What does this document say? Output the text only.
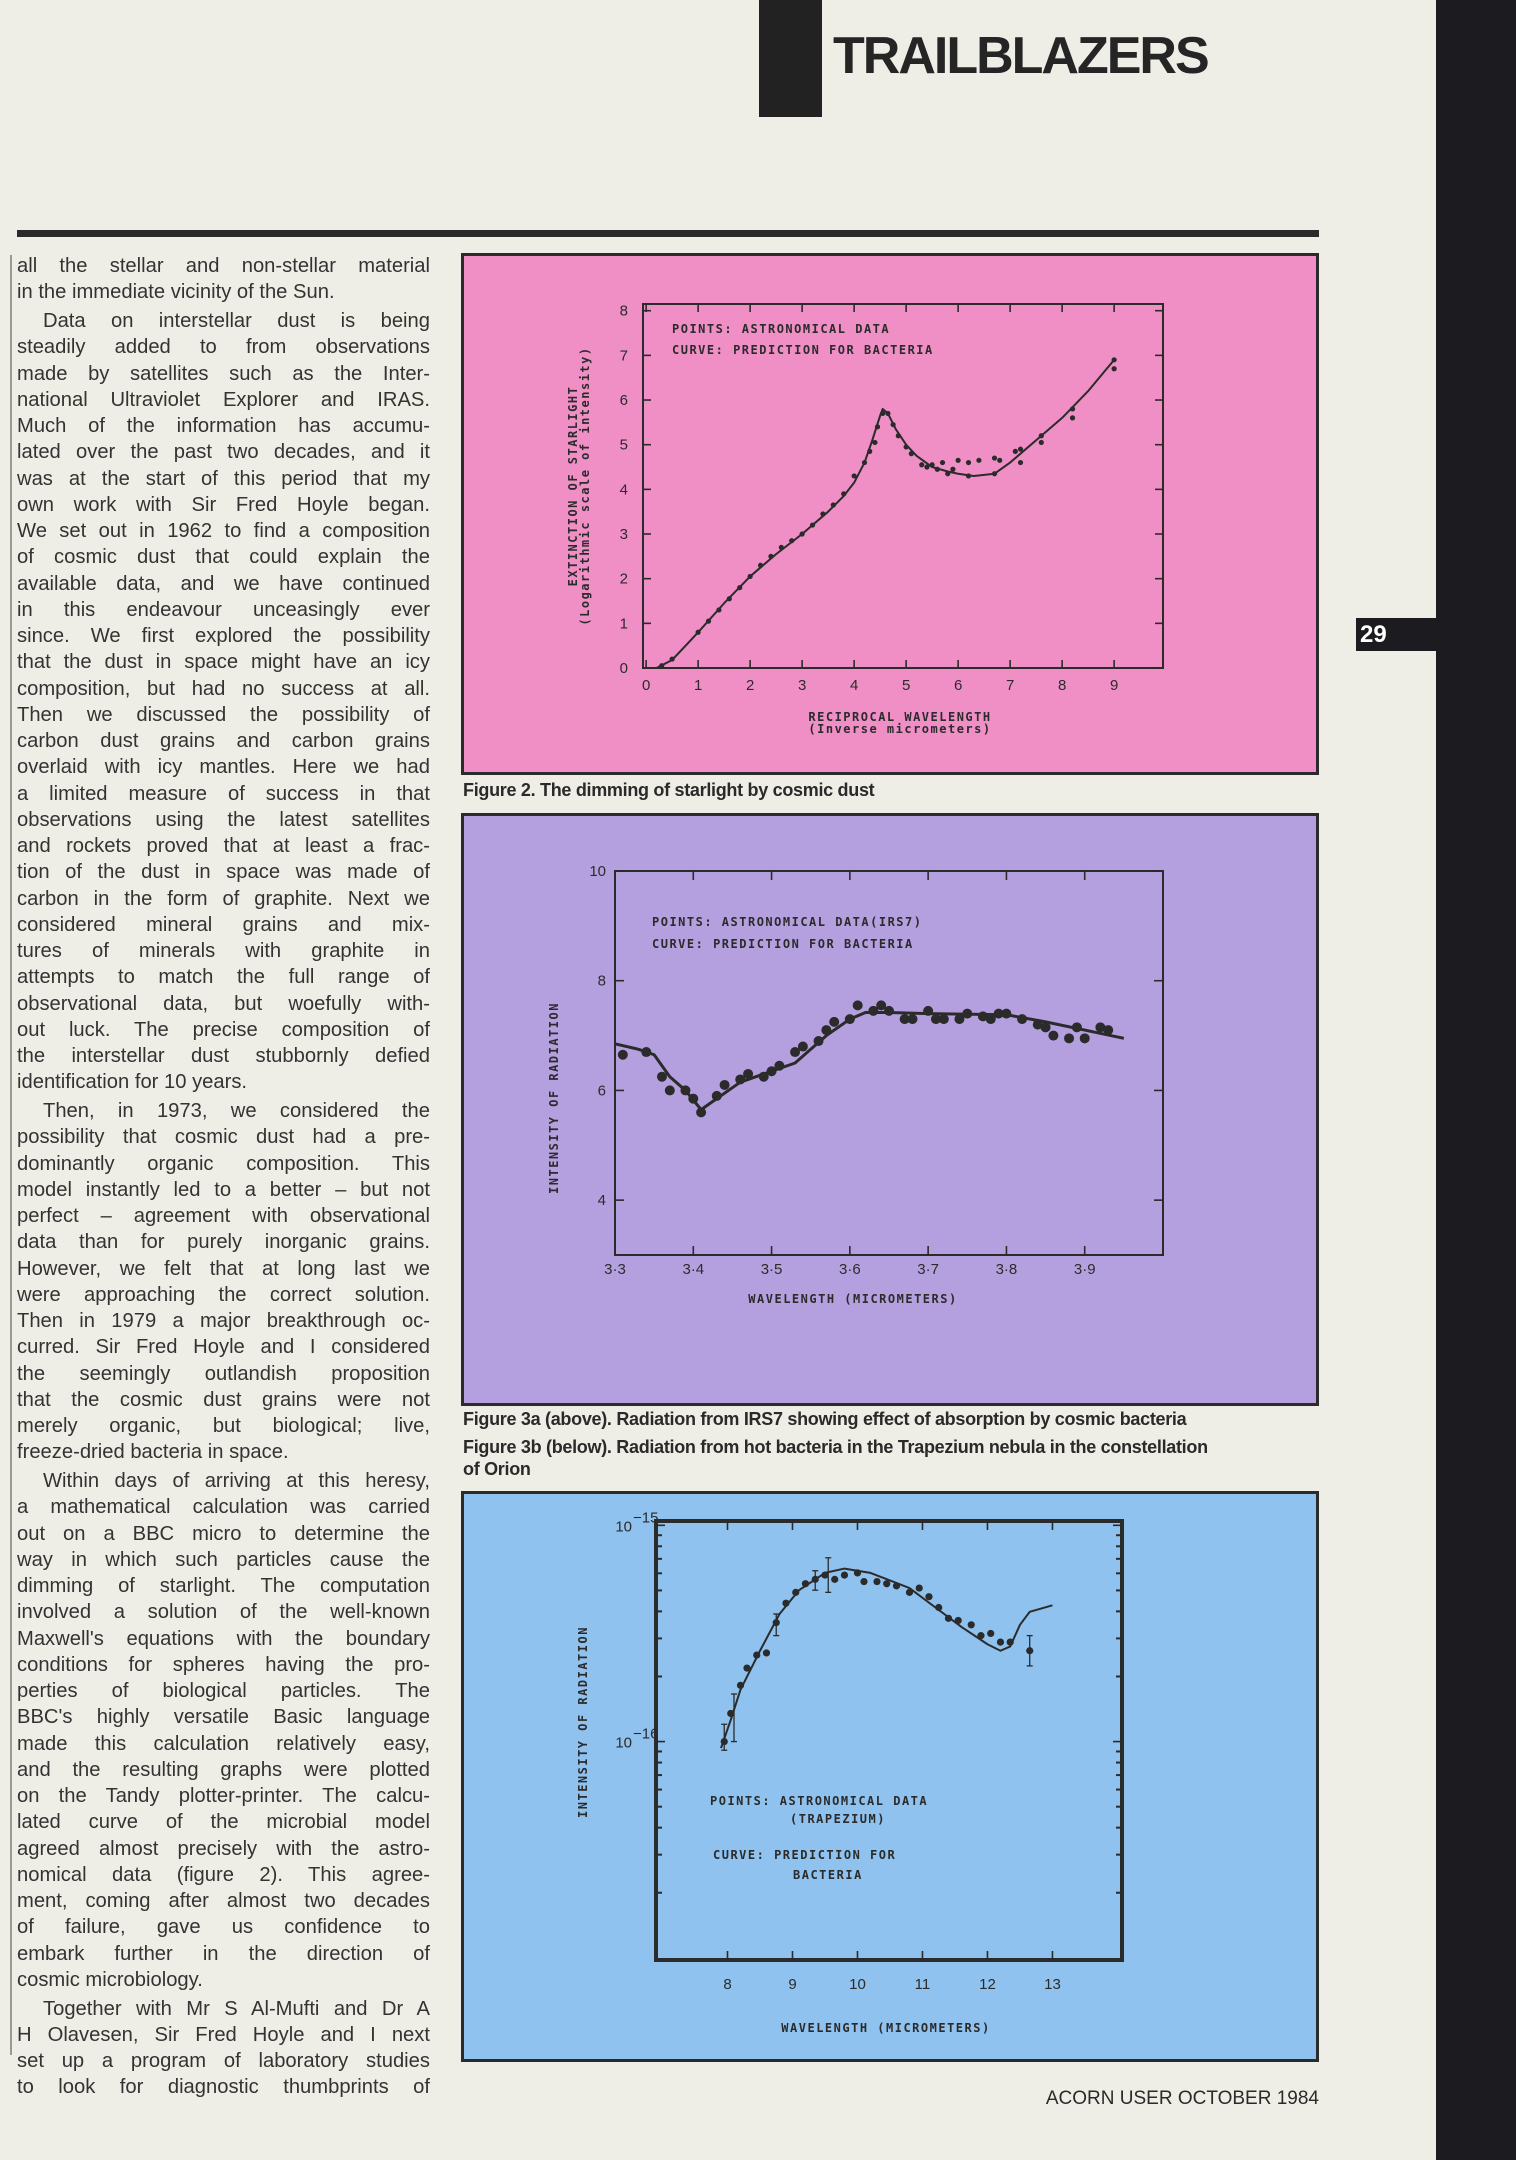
TRAILBLAZERS
29
all the stellar and non-stellar material
in the immediate vicinity of the Sun.
Data on interstellar dust is being
steadily added to from observations
made by satellites such as the Inter-
national Ultraviolet Explorer and IRAS.
Much of the information has accumu-
lated over the past two decades, and it
was at the start of this period that my
own work with Sir Fred Hoyle began.
We set out in 1962 to find a composition
of cosmic dust that could explain the
available data, and we have continued
in this endeavour unceasingly ever
since. We first explored the possibility
that the dust in space might have an icy
composition, but had no success at all.
Then we discussed the possibility of
carbon dust grains and carbon grains
overlaid with icy mantles. Here we had
a limited measure of success in that
observations using the latest satellites
and rockets proved that at least a frac-
tion of the dust in space was made of
carbon in the form of graphite. Next we
considered mineral grains and mix-
tures of minerals with graphite in
attempts to match the full range of
observational data, but woefully with-
out luck. The precise composition of
the interstellar dust stubbornly defied
identification for 10 years.
Then, in 1973, we considered the
possibility that cosmic dust had a pre-
dominantly organic composition. This
model instantly led to a better – but not
perfect – agreement with observational
data than for purely inorganic grains.
However, we felt that at long last we
were approaching the correct solution.
Then in 1979 a major breakthrough oc-
curred. Sir Fred Hoyle and I considered
the seemingly outlandish proposition
that the cosmic dust grains were not
merely organic, but biological; live,
freeze-dried bacteria in space.
Within days of arriving at this heresy,
a mathematical calculation was carried
out on a BBC micro to determine the
way in which such particles cause the
dimming of starlight. The computation
involved a solution of the well-known
Maxwell's equations with the boundary
conditions for spheres having the pro-
perties of biological particles. The
BBC's highly versatile Basic language
made this calculation relatively easy,
and the resulting graphs were plotted
on the Tandy plotter-printer. The calcu-
lated curve of the microbial model
agreed almost precisely with the astro-
nomical data (figure 2). This agree-
ment, coming after almost two decades
of failure, gave us confidence to
embark further in the direction of
cosmic microbiology.
Together with Mr S Al-Mufti and Dr A
H Olavesen, Sir Fred Hoyle and I next
set up a program of laboratory studies
to look for diagnostic thumbprints of
Figure 2. The dimming of starlight by cosmic dust
Figure 3a (above). Radiation from IRS7 showing effect of absorption by cosmic bacteria
Figure 3b (below). Radiation from hot bacteria in the Trapezium nebula in the constellation
of Orion
ACORN USER OCTOBER 1984
0	1	2	3	4	5	6	7	8	9
0
1
2
3
4
5
6
7
8
POINTS: ASTRONOMICAL DATA
CURVE: PREDICTION FOR BACTERIA
RECIPROCAL WAVELENGTH
(Inverse micrometers)
EXTINCTION OF STARLIGHT
(Logarithmic scale of intensity)
3·3	3·4	3·5	3·6	3·7	3·8	3·9
4
6
8
10
POINTS: ASTRONOMICAL DATA(IRS7)
CURVE: PREDICTION FOR BACTERIA
WAVELENGTH (MICROMETERS)
INTENSITY OF RADIATION
8	9	10	11	12	13
10
−16
10
−15
POINTS: ASTRONOMICAL DATA
(TRAPEZIUM)
CURVE: PREDICTION FOR
BACTERIA
WAVELENGTH (MICROMETERS)
INTENSITY OF RADIATION
